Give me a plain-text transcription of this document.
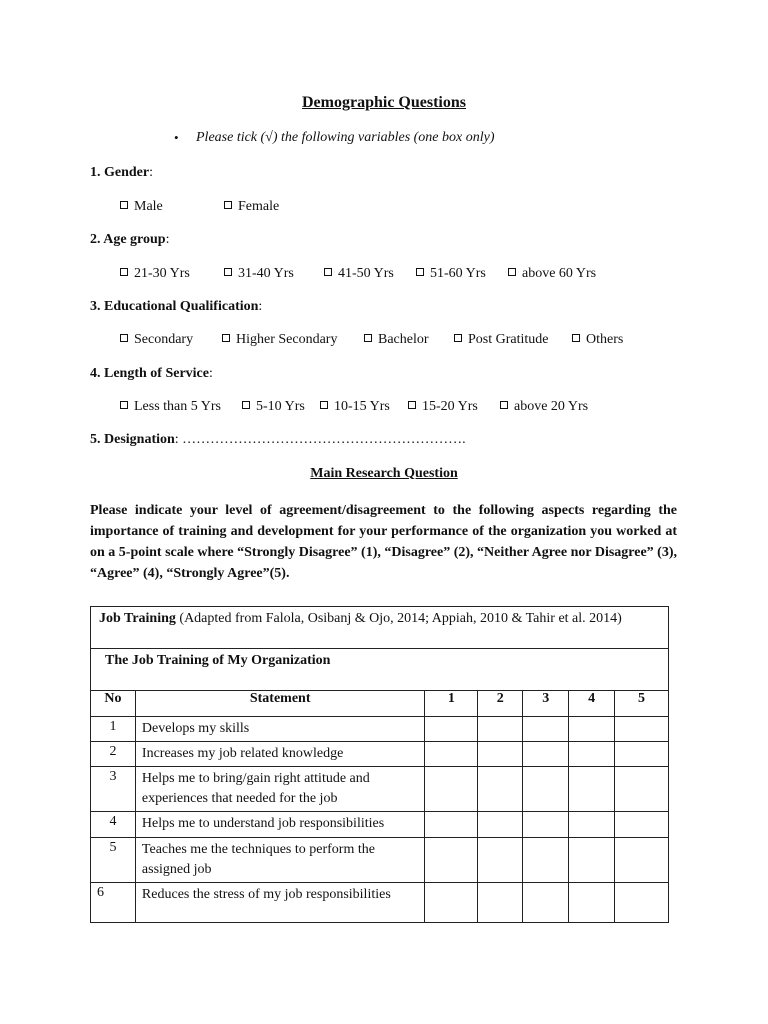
Demographic Questions
• Please tick (√) the following variables (one box only)
1. Gender:
Male	Female
2. Age group:
21-30 Yrs	31-40 Yrs	41-50 Yrs	51-60 Yrs	above 60 Yrs
3. Educational Qualification:
Secondary	Higher Secondary	Bachelor	Post Gratitude	Others
4. Length of Service:
Less than 5 Yrs	5-10 Yrs	10-15 Yrs	15-20 Yrs	above 20 Yrs
5. Designation: …………………………………………………….
Main Research Question
Please indicate your level of agreement/disagreement to the following aspects regarding the importance of training and development for your performance of the organization you worked at on a 5-point scale where “Strongly Disagree” (1), “Disagree” (2), “Neither Agree nor Disagree” (3), “Agree” (4), “Strongly Agree”(5).
Job Training (Adapted from Falola, Osibanj & Ojo, 2014; Appiah, 2010 & Tahir et al. 2014)						
The Job Training of My Organization						
No	Statement	1	2	3	4	5
1	Develops my skills					
2	Increases my job related knowledge					
3	Helps me to bring/gain right attitude and experiences that needed for the job					
4	Helps me to understand job responsibilities					
5	Teaches me the techniques to perform the assigned job					
6	Reduces the stress of my job responsibilities					
